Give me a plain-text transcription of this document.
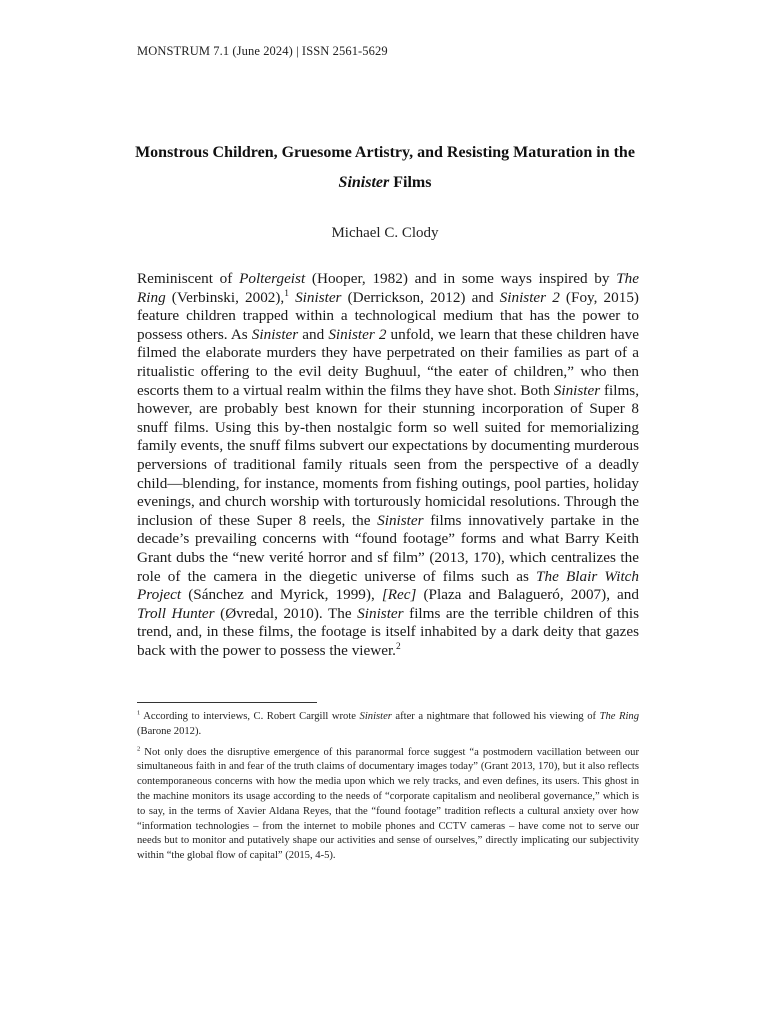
MONSTRUM 7.1 (June 2024) | ISSN 2561-5629
Monstrous Children, Gruesome Artistry, and Resisting Maturation in the Sinister Films
Michael C. Clody

Reminiscent of Poltergeist (Hooper, 1982) and in some ways inspired by The Ring (Verbinski, 2002),$^1$ Sinister (Derrickson, 2012) and Sinister 2 (Foy, 2015) feature children trapped within a technological medium that has the power to possess others. As Sinister and Sinister 2 unfold, we learn that these children have filmed the elaborate murders they have perpetrated on their families as part of a ritualistic offering to the evil deity Bughuul, “the eater of children,” who then escorts them to a virtual realm within the films they have shot. Both Sinister films, however, are probably best known for their stunning incorporation of Super 8 snuff films. Using this by-then nostalgic form so well suited for memorializing family events, the snuff films subvert our expectations by documenting murderous perversions of traditional family rituals seen from the perspective of a deadly child—blending, for instance, moments from fishing outings, pool parties, holiday evenings, and church worship with torturously homicidal resolutions. Through the inclusion of these Super 8 reels, the Sinister films innovatively partake in the decade’s prevailing concerns with “found footage” forms and what Barry Keith Grant dubs the “new verité horror and sf film” (2013, 170), which centralizes the role of the camera in the diegetic universe of films such as The Blair Witch Project (Sánchez and Myrick, 1999), [Rec] (Plaza and Balagueró, 2007), and Troll Hunter (Øvredal, 2010). The Sinister films are the terrible children of this trend, and, in these films, the footage is itself inhabited by a dark deity that gazes back with the power to possess the viewer.$^2$

$^1$ According to interviews, C. Robert Cargill wrote Sinister after a nightmare that followed his viewing of The Ring (Barone 2012).

$^2$ Not only does the disruptive emergence of this paranormal force suggest “a postmodern vacillation between our simultaneous faith in and fear of the truth claims of documentary images today” (Grant 2013, 170), but it also reflects contemporaneous concerns with how the media upon which we rely tracks, and even defines, its users. This ghost in the machine monitors its usage according to the needs of “corporate capitalism and neoliberal governance,” which is to say, in the terms of Xavier Aldana Reyes, that the “found footage” tradition reflects a cultural anxiety over how “information technologies – from the internet to mobile phones and CCTV cameras – have come not to serve our needs but to monitor and putatively shape our activities and sense of ourselves,” directly implicating our subjectivity within “the global flow of capital” (2015, 4-5).
